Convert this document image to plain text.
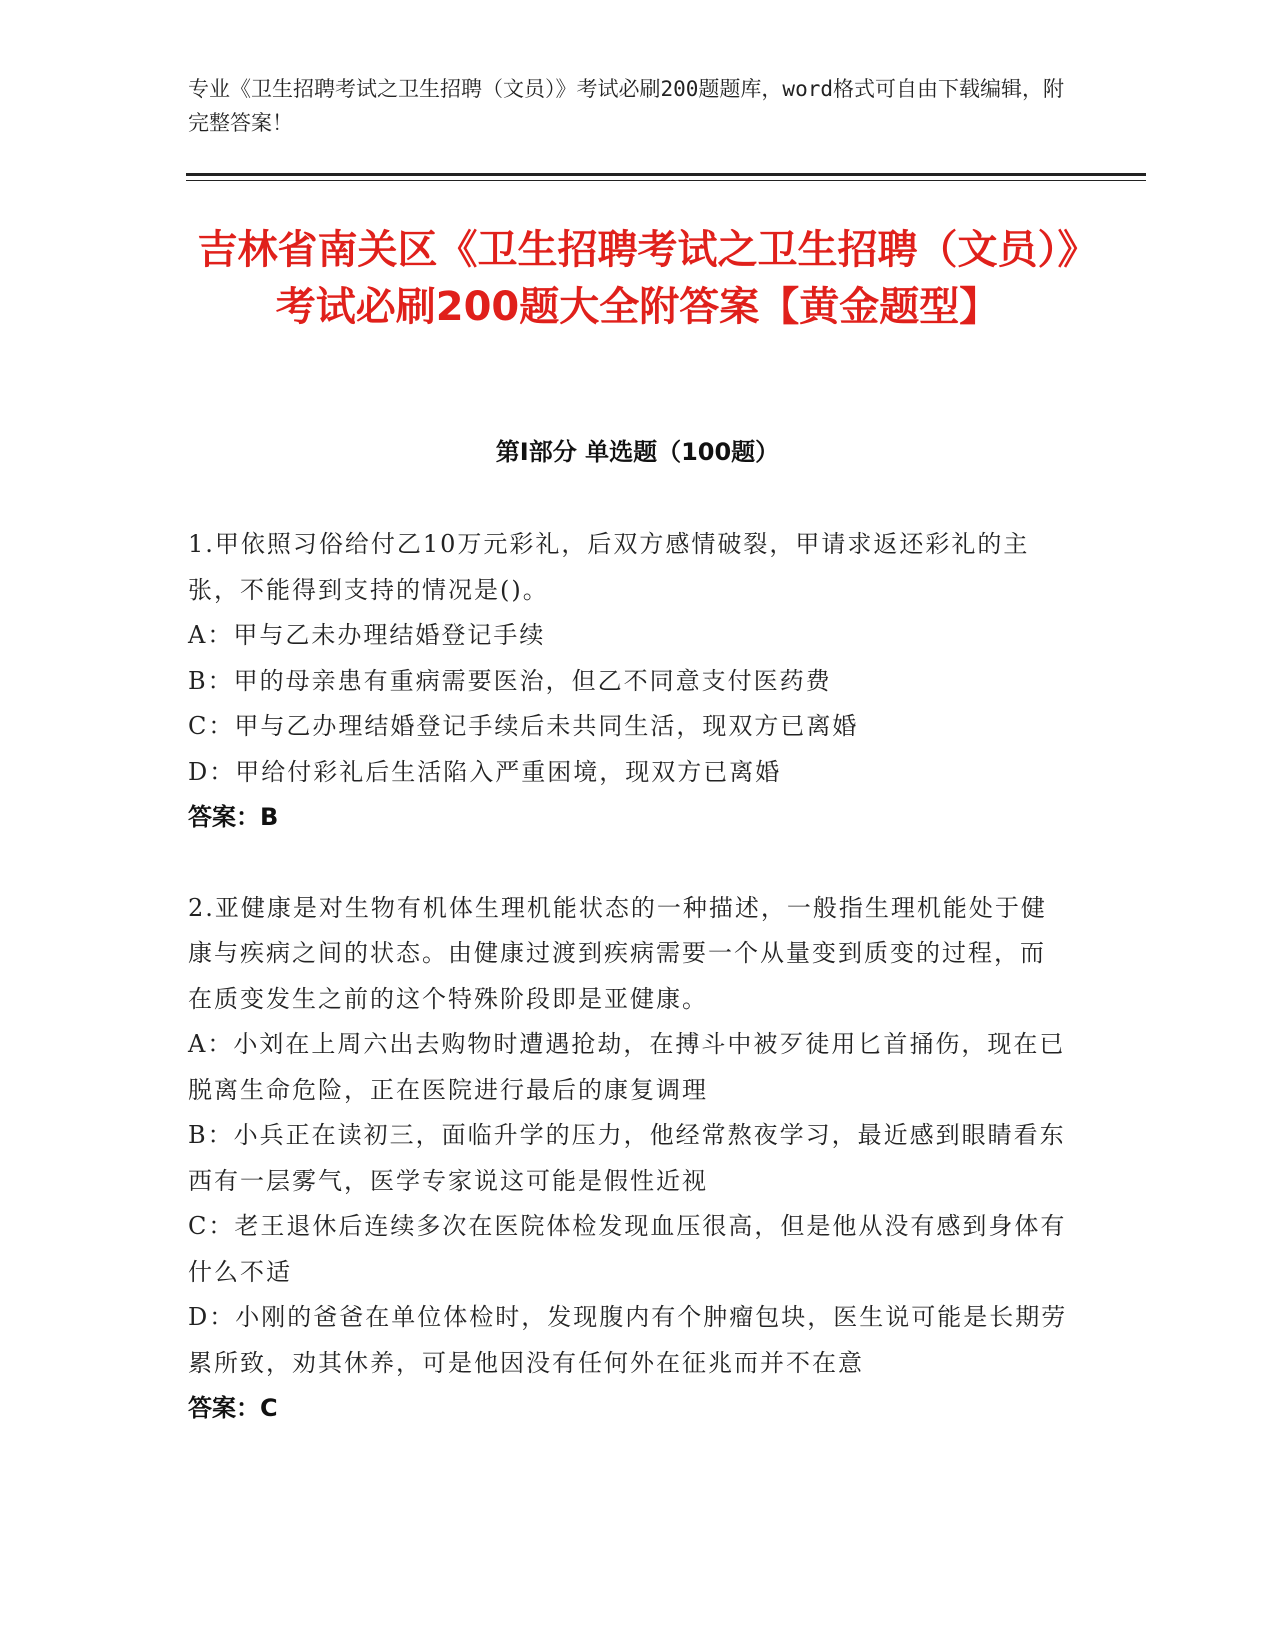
专业《卫生招聘考试之卫生招聘（文员）》考试必刷200题题库，word格式可自由下载编辑，附完整答案！
吉林省南关区《卫生招聘考试之卫生招聘（文员）》考试必刷200题大全附答案【黄金题型】
第Ⅰ部分 单选题（100题）
1.甲依照习俗给付乙10万元彩礼，后双方感情破裂，甲请求返还彩礼的主张，不能得到支持的情况是()。
A：甲与乙未办理结婚登记手续
B：甲的母亲患有重病需要医治，但乙不同意支付医药费
C：甲与乙办理结婚登记手续后未共同生活，现双方已离婚
D：甲给付彩礼后生活陷入严重困境，现双方已离婚
答案：B
2.亚健康是对生物有机体生理机能状态的一种描述，一般指生理机能处于健康与疾病之间的状态。由健康过渡到疾病需要一个从量变到质变的过程，而在质变发生之前的这个特殊阶段即是亚健康。
A：小刘在上周六出去购物时遭遇抢劫，在搏斗中被歹徒用匕首捅伤，现在已脱离生命危险，正在医院进行最后的康复调理
B：小兵正在读初三，面临升学的压力，他经常熬夜学习，最近感到眼睛看东西有一层雾气，医学专家说这可能是假性近视
C：老王退休后连续多次在医院体检发现血压很高，但是他从没有感到身体有什么不适
D：小刚的爸爸在单位体检时，发现腹内有个肿瘤包块，医生说可能是长期劳累所致，劝其休养，可是他因没有任何外在征兆而并不在意
答案：C
